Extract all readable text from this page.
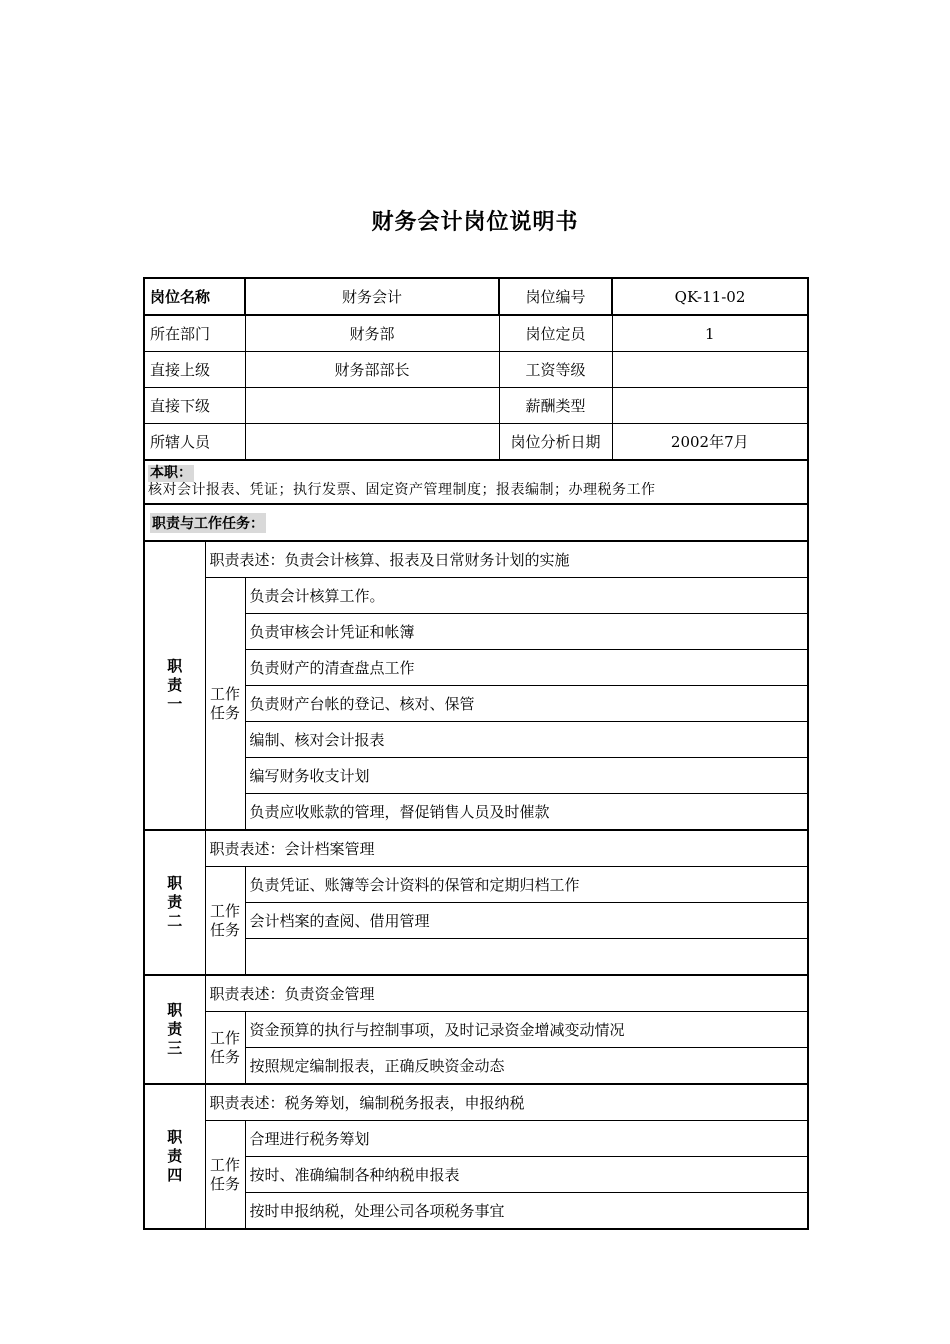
财务会计岗位说明书
岗位名称		财务会计	岗位编号	QK-11-02
所在部门		财务部	岗位定员	1
直接上级		财务部部长	工资等级	
直接下级			薪酬类型	
所辖人员			岗位分析日期	2002年7月

本职：
核对会计报表、凭证；执行发票、固定资产管理制度；报表编制；办理税务工作				

职责与工作任务：				

职
责
一	职责表述：负责会计核算、报表及日常财务计划的实施			

	工作
任务	负责会计核算工作。		
		负责审核会计凭证和帐簿		
		负责财产的清查盘点工作		
		负责财产台帐的登记、核对、保管		
		编制、核对会计报表		
		编写财务收支计划		
		负责应收账款的管理，督促销售人员及时催款		

职
责
二	职责表述：会计档案管理			

	工作
任务	负责凭证、账簿等会计资料的保管和定期归档工作		
		会计档案的查阅、借用管理		

职
责
三	职责表述：负责资金管理			

	工作
任务	资金预算的执行与控制事项，及时记录资金增减变动情况		
		按照规定编制报表，正确反映资金动态		

职
责
四	职责表述：税务筹划，编制税务报表，申报纳税			

	工作
任务	合理进行税务筹划		
		按时、准确编制各种纳税申报表		
		按时申报纳税，处理公司各项税务事宜		
